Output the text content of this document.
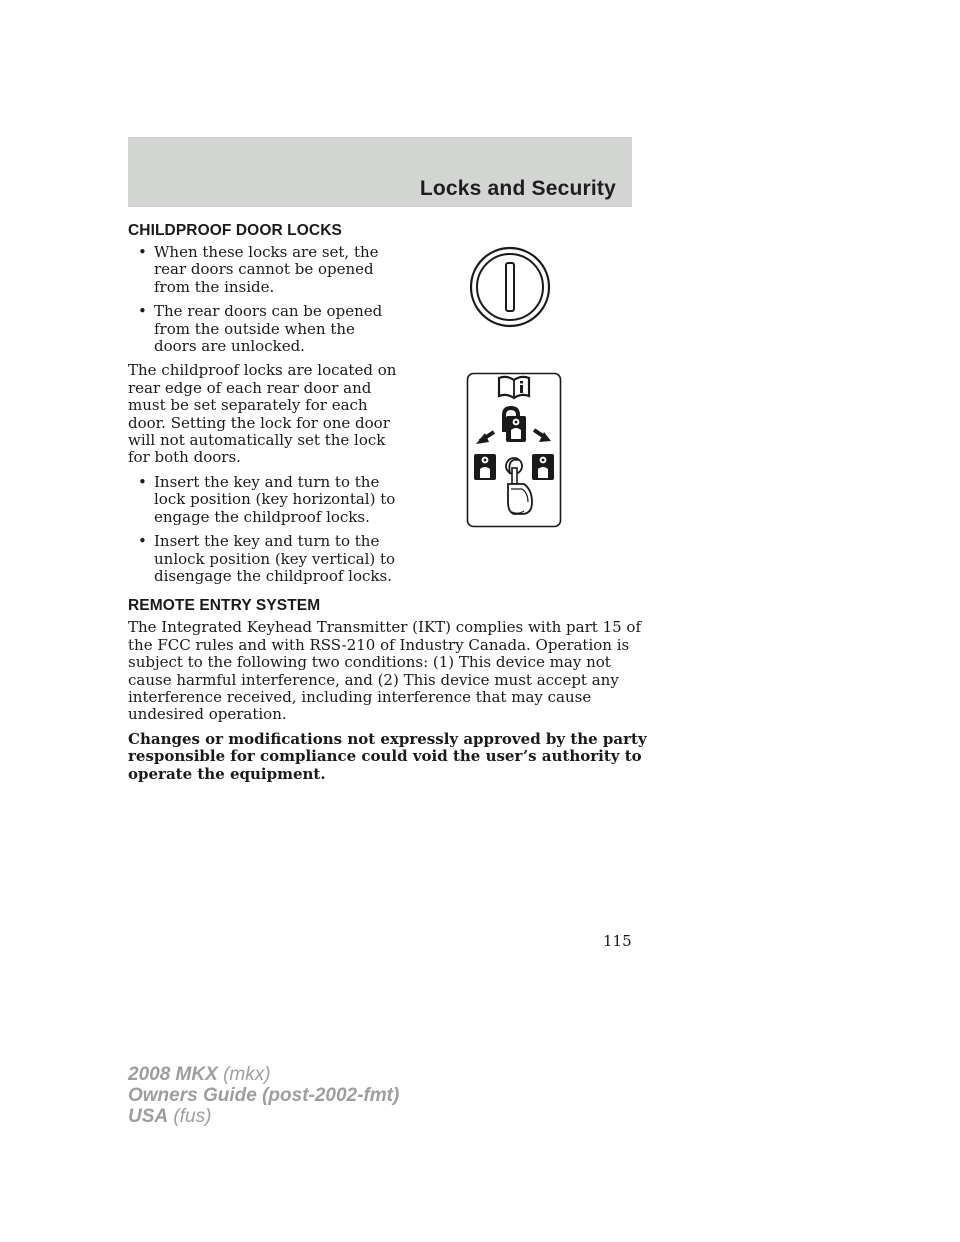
Locks and Security
CHILDPROOF DOOR LOCKS
• When these locks are set, the rear doors cannot be opened from the inside.
• The rear doors can be opened from the outside when the doors are unlocked.
The childproof locks are located on rear edge of each rear door and must be set separately for each door. Setting the lock for one door will not automatically set the lock for both doors.
• Insert the key and turn to the lock position (key horizontal) to engage the childproof locks.
• Insert the key and turn to the unlock position (key vertical) to disengage the childproof locks.
REMOTE ENTRY SYSTEM
The Integrated Keyhead Transmitter (IKT) complies with part 15 of the FCC rules and with RSS-210 of Industry Canada. Operation is subject to the following two conditions: (1) This device may not cause harmful interference, and (2) This device must accept any interference received, including interference that may cause undesired operation.
Changes or modifications not expressly approved by the party responsible for compliance could void the user’s authority to operate the equipment.
115
2008 MKX (mkx)
Owners Guide (post-2002-fmt)
USA (fus)
